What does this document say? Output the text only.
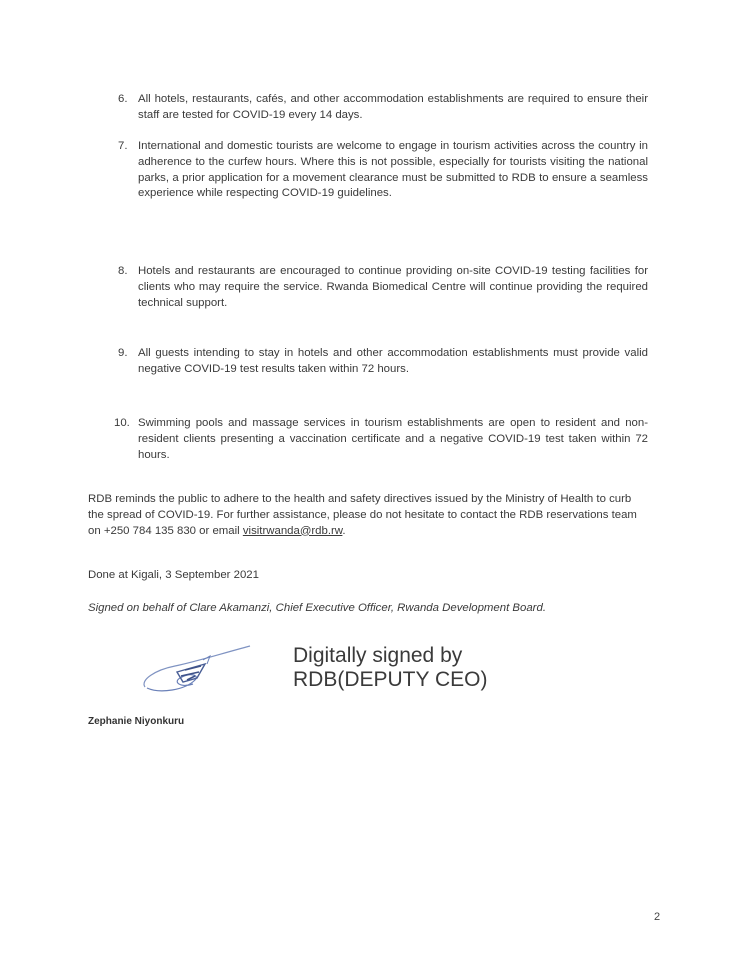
6. All hotels, restaurants, cafés, and other accommodation establishments are required to ensure their staff are tested for COVID-19 every 14 days.
7. International and domestic tourists are welcome to engage in tourism activities across the country in adherence to the curfew hours. Where this is not possible, especially for tourists visiting the national parks, a prior application for a movement clearance must be submitted to RDB to ensure a seamless experience while respecting COVID-19 guidelines.
8. Hotels and restaurants are encouraged to continue providing on-site COVID-19 testing facilities for clients who may require the service. Rwanda Biomedical Centre will continue providing the required technical support.
9. All guests intending to stay in hotels and other accommodation establishments must provide valid negative COVID-19 test results taken within 72 hours.
10. Swimming pools and massage services in tourism establishments are open to resident and non-resident clients presenting a vaccination certificate and a negative COVID-19 test taken within 72 hours.
RDB reminds the public to adhere to the health and safety directives issued by the Ministry of Health to curb the spread of COVID-19. For further assistance, please do not hesitate to contact the RDB reservations team on +250 784 135 830 or email visitrwanda@rdb.rw.
Done at Kigali, 3 September 2021
Signed on behalf of Clare Akamanzi, Chief Executive Officer, Rwanda Development Board.
Digitally signed by
RDB(DEPUTY CEO)
Zephanie Niyonkuru
2
